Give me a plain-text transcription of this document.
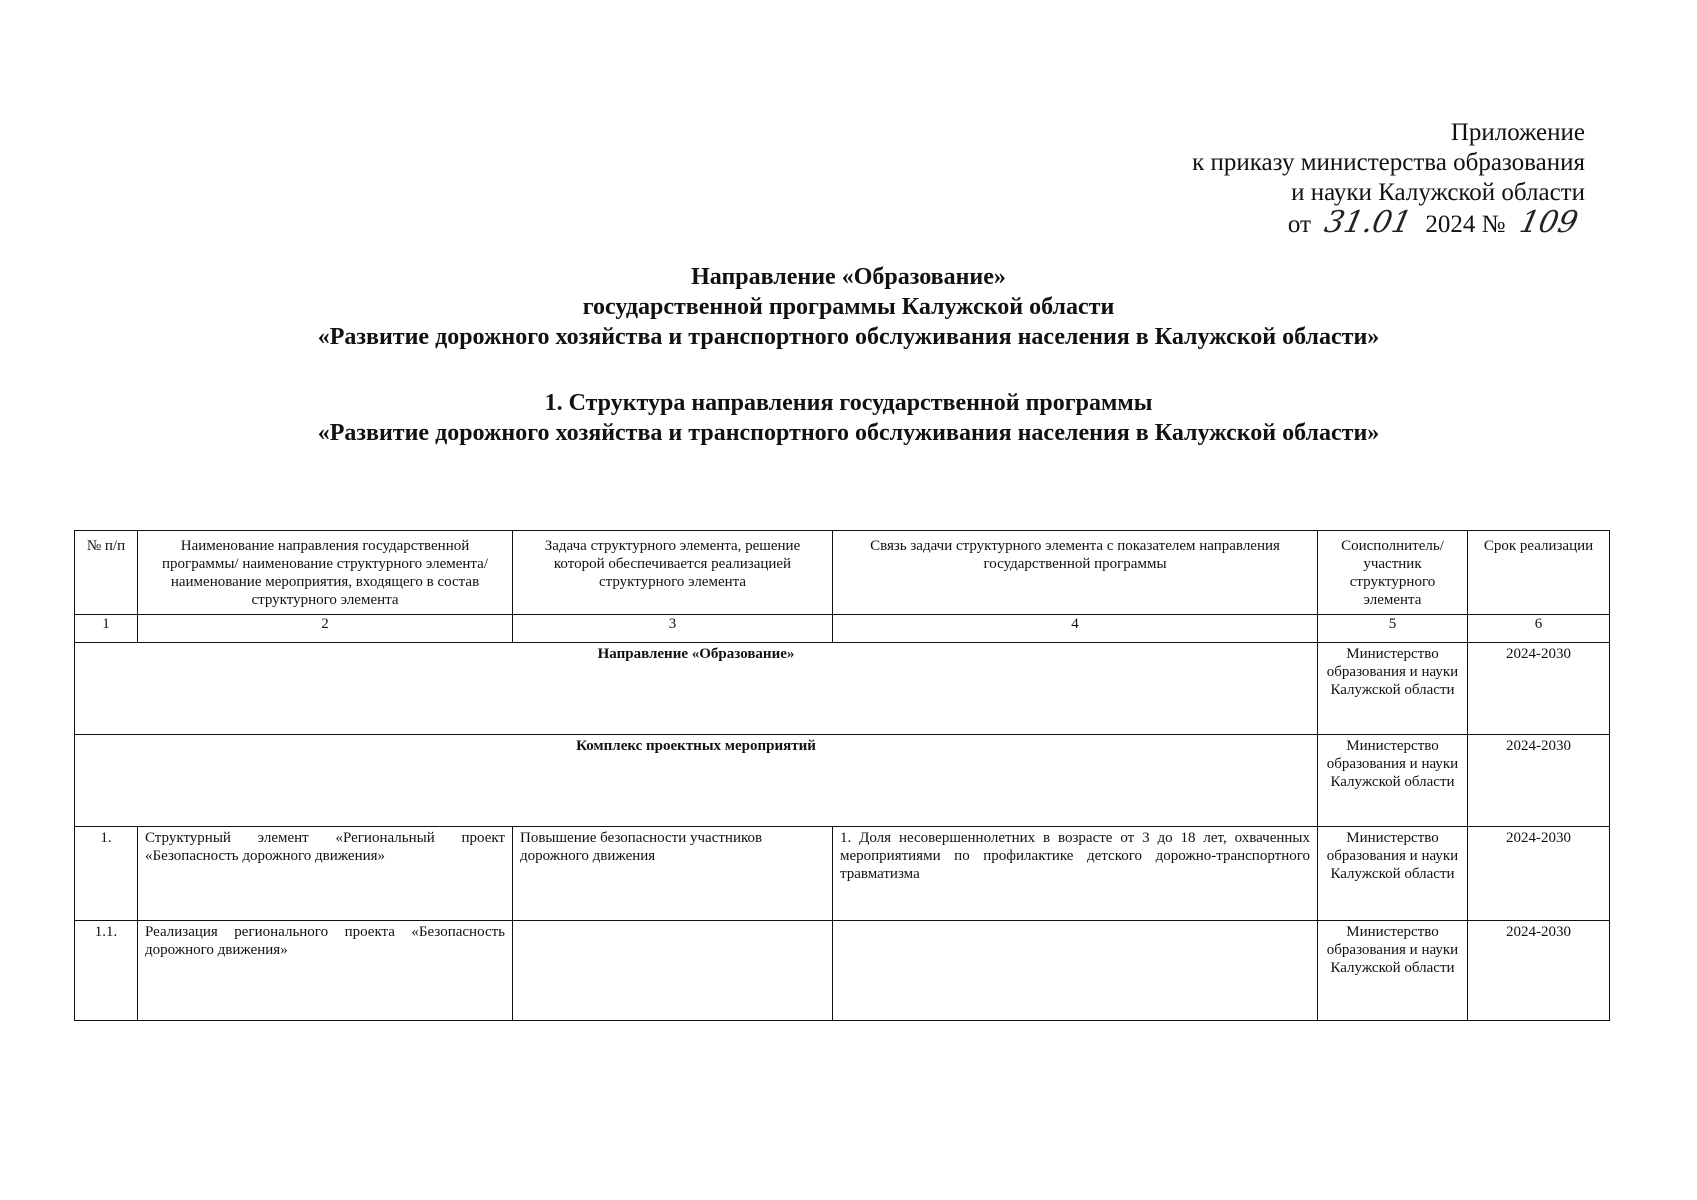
Приложение
к приказу министерства образования
и науки Калужской области
от 31.01 2024 № 109
Направление «Образование»
государственной программы Калужской области
«Развитие дорожного хозяйства и транспортного обслуживания населения в Калужской области»
1. Структура направления государственной программы
«Развитие дорожного хозяйства и транспортного обслуживания населения в Калужской области»
№ п/п	Наименование направления государственной программы/ наименование структурного элемента/ наименование мероприятия, входящего в состав структурного элемента	Задача структурного элемента, решение которой обеспечивается реализацией структурного элемента	Связь задачи структурного элемента с показателем направления государственной программы	Соисполнитель/ участник структурного элемента	Срок реализации
1	2	3	4	5	6
Направление «Образование»				Министерство образования и науки Калужской области	2024-2030
Комплекс проектных мероприятий				Министерство образования и науки Калужской области	2024-2030
1.	Структурный элемент «Региональный проект «Безопасность дорожного движения»	Повышение безопасности участников дорожного движения	1. Доля несовершеннолетних в возрасте от 3 до 18 лет, охваченных мероприятиями по профилактике детского дорожно-транспортного травматизма	Министерство образования и науки Калужской области	2024-2030
1.1.	Реализация регионального проекта «Безопасность дорожного движения»			Министерство образования и науки Калужской области	2024-2030
